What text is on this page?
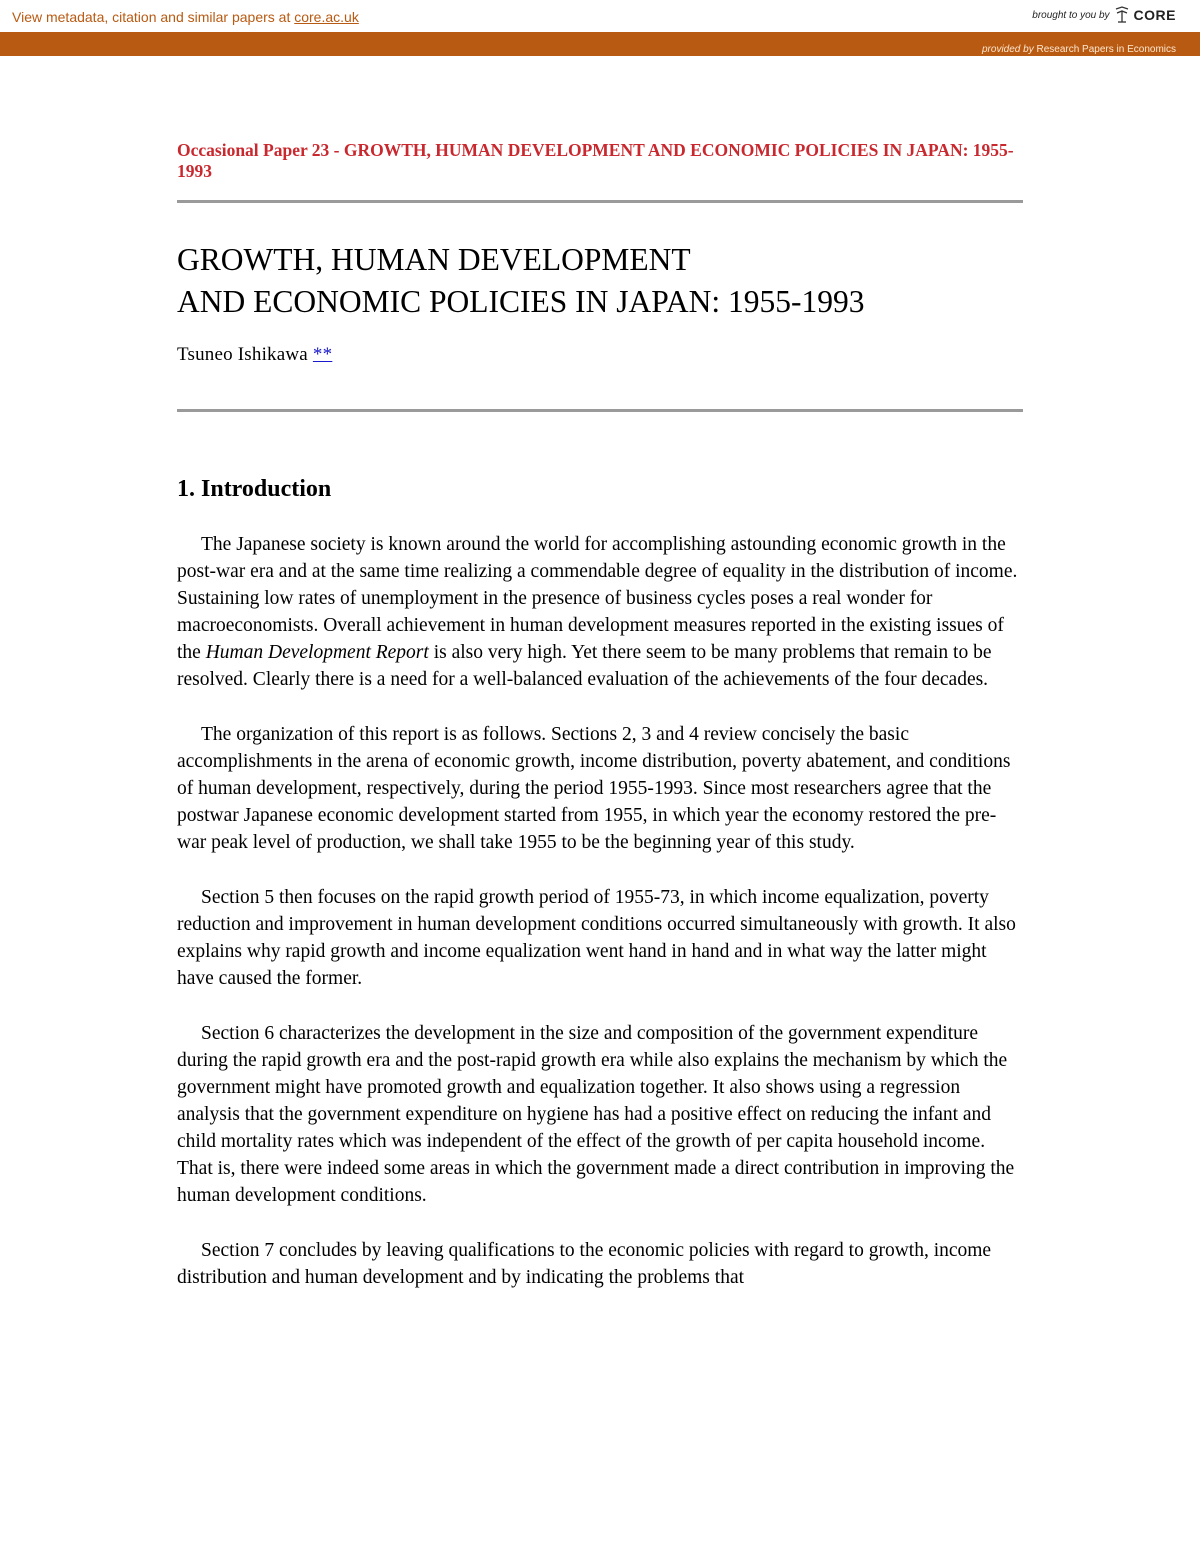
View metadata, citation and similar papers at core.ac.uk	brought to you by CORE
provided by Research Papers in Economics

Occasional Paper 23 - GROWTH, HUMAN DEVELOPMENT AND ECONOMIC POLICIES IN JAPAN: 1955-1993

GROWTH, HUMAN DEVELOPMENT
AND ECONOMIC POLICIES IN JAPAN: 1955-1993
Tsuneo Ishikawa **
1. Introduction

The Japanese society is known around the world for accomplishing astounding economic growth in the post-war era and at the same time realizing a commendable degree of equality in the distribution of income. Sustaining low rates of unemployment in the presence of business cycles poses a real wonder for macroeconomists. Overall achievement in human development measures reported in the existing issues of the Human Development Report is also very high. Yet there seem to be many problems that remain to be resolved. Clearly there is a need for a well-balanced evaluation of the achievements of the four decades.

The organization of this report is as follows. Sections 2, 3 and 4 review concisely the basic accomplishments in the arena of economic growth, income distribution, poverty abatement, and conditions of human development, respectively, during the period 1955-1993. Since most researchers agree that the postwar Japanese economic development started from 1955, in which year the economy restored the pre-war peak level of production, we shall take 1955 to be the beginning year of this study.

Section 5 then focuses on the rapid growth period of 1955-73, in which income equalization, poverty reduction and improvement in human development conditions occurred simultaneously with growth. It also explains why rapid growth and income equalization went hand in hand and in what way the latter might have caused the former.

Section 6 characterizes the development in the size and composition of the government expenditure during the rapid growth era and the post-rapid growth era while also explains the mechanism by which the government might have promoted growth and equalization together. It also shows using a regression analysis that the government expenditure on hygiene has had a positive effect on reducing the infant and child mortality rates which was independent of the effect of the growth of per capita household income. That is, there were indeed some areas in which the government made a direct contribution in improving the human development conditions.

Section 7 concludes by leaving qualifications to the economic policies with regard to growth, income distribution and human development and by indicating the problems that
